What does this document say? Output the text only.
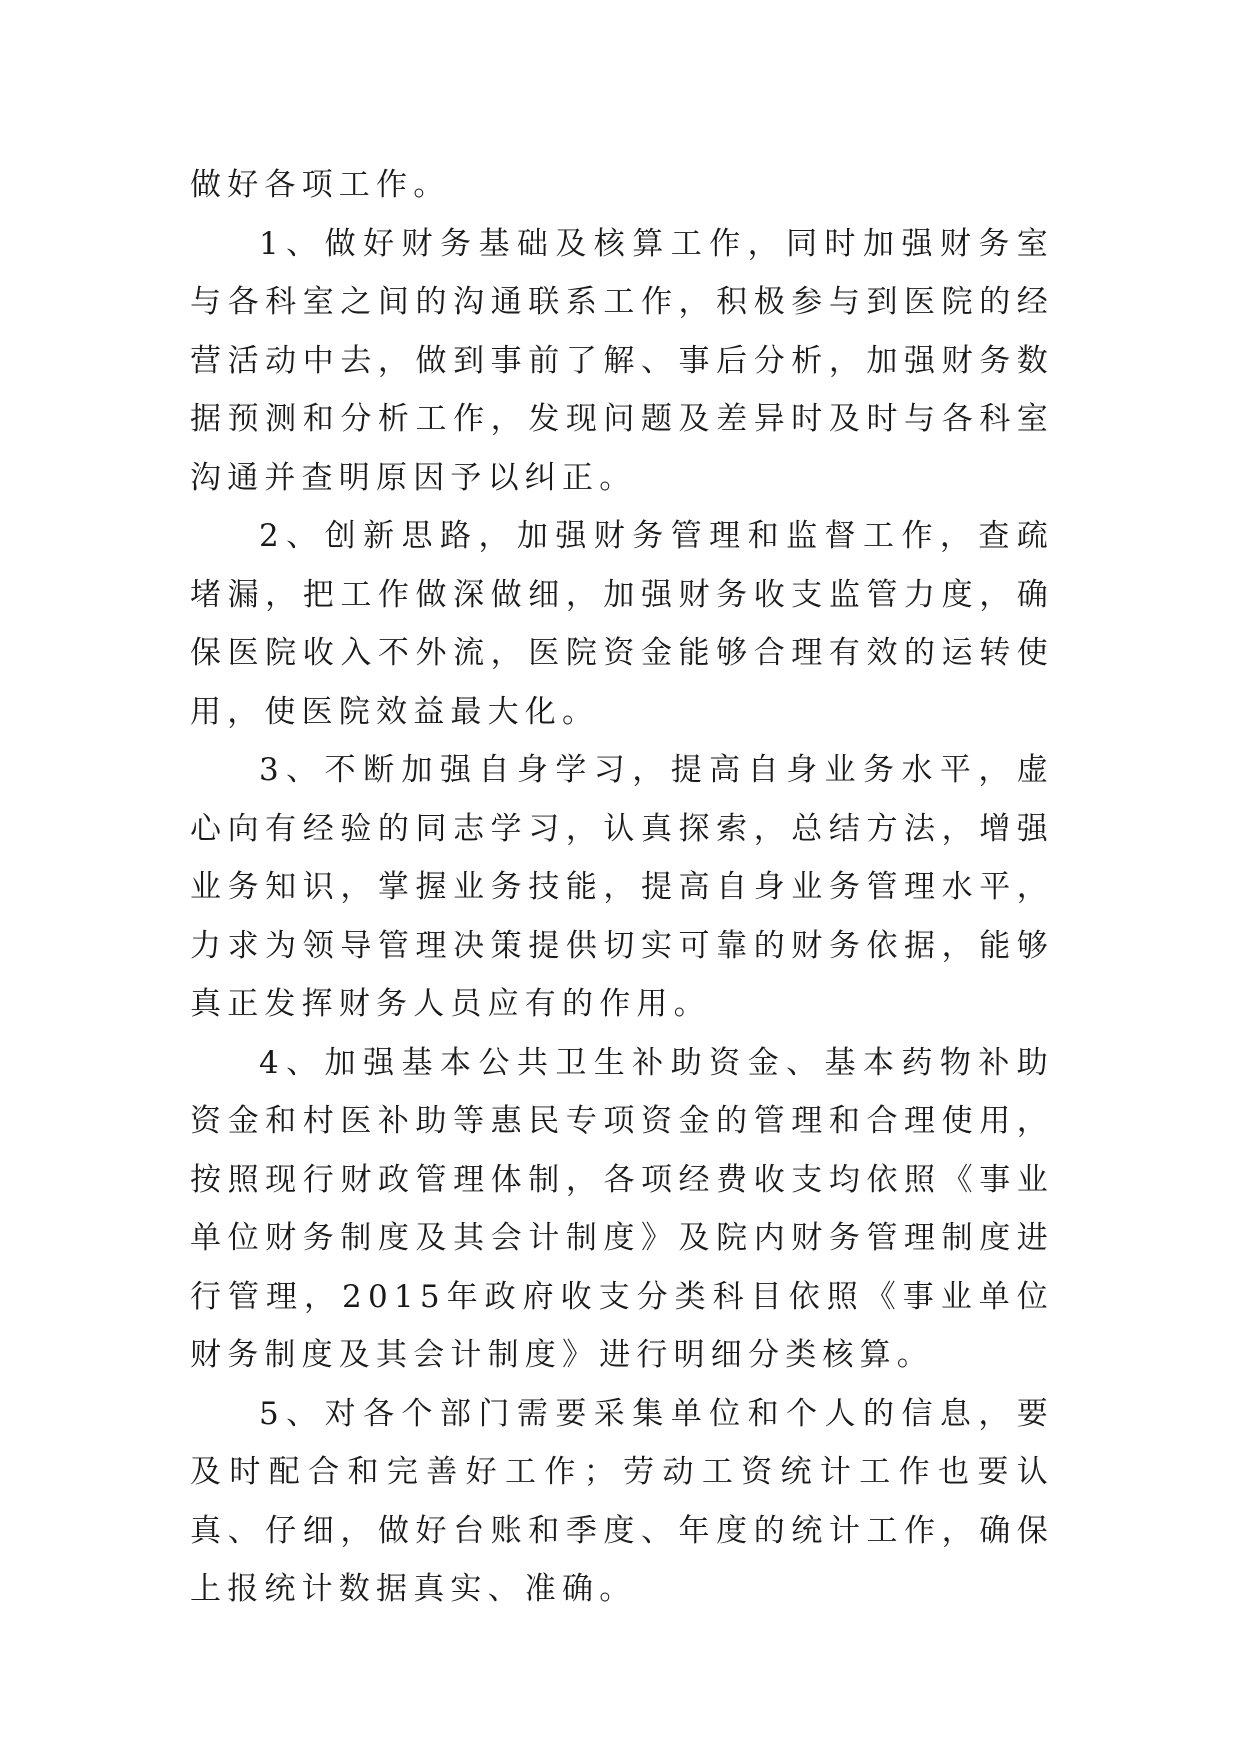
做好各项工作。

1、做好财务基础及核算工作，同时加强财务室与各科室之间的沟通联系工作，积极参与到医院的经营活动中去，做到事前了解、事后分析，加强财务数据预测和分析工作，发现问题及差异时及时与各科室沟通并查明原因予以纠正。

2、创新思路，加强财务管理和监督工作，查疏堵漏，把工作做深做细，加强财务收支监管力度，确保医院收入不外流，医院资金能够合理有效的运转使用，使医院效益最大化。

3、不断加强自身学习，提高自身业务水平，虚心向有经验的同志学习，认真探索，总结方法，增强业务知识，掌握业务技能，提高自身业务管理水平，力求为领导管理决策提供切实可靠的财务依据，能够真正发挥财务人员应有的作用。

4、加强基本公共卫生补助资金、基本药物补助资金和村医补助等惠民专项资金的管理和合理使用，按照现行财政管理体制，各项经费收支均依照《事业单位财务制度及其会计制度》及院内财务管理制度进行管理，2015年政府收支分类科目依照《事业单位财务制度及其会计制度》进行明细分类核算。

5、对各个部门需要采集单位和个人的信息，要及时配合和完善好工作；劳动工资统计工作也要认真、仔细，做好台账和季度、年度的统计工作，确保上报统计数据真实、准确。
